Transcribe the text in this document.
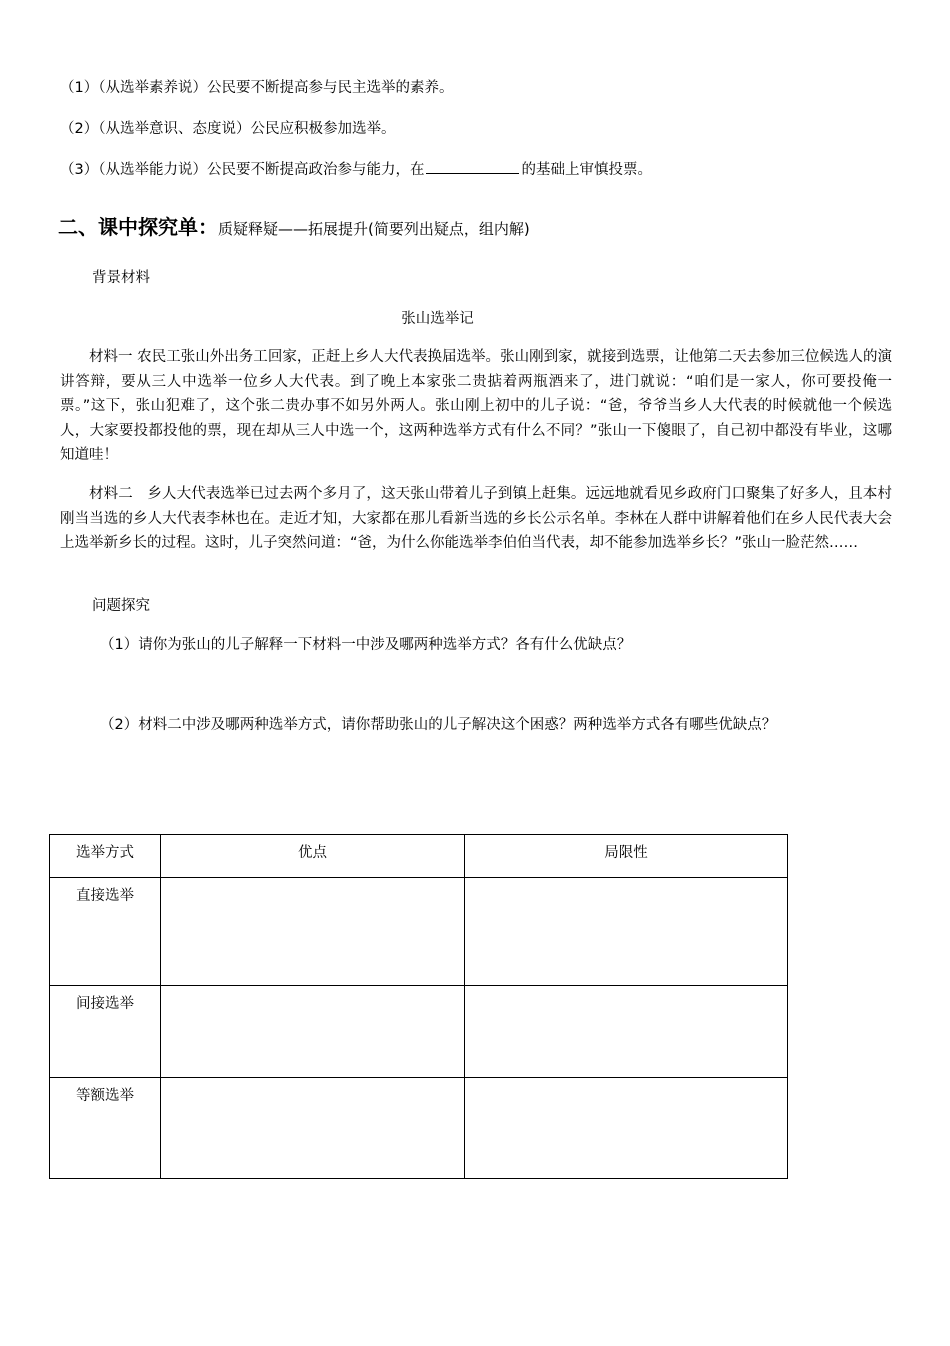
（1）（从选举素养说）公民要不断提高参与民主选举的素养。
（2）（从选举意识、态度说）公民应积极参加选举。
（3）（从选举能力说）公民要不断提高政治参与能力，在	的基础上审慎投票。
二、课中探究单：质疑释疑——拓展提升(简要列出疑点，组内解)
背景材料
张山选举记
材料一 农民工张山外出务工回家，正赶上乡人大代表换届选举。张山刚到家，就接到选票，让他第二天去参加三位候选人的演讲答辩，要从三人中选举一位乡人大代表。到了晚上本家张二贵掂着两瓶酒来了，进门就说：“咱们是一家人，你可要投俺一票。”这下，张山犯难了，这个张二贵办事不如另外两人。张山刚上初中的儿子说：“爸，爷爷当乡人大代表的时候就他一个候选人，大家要投都投他的票，现在却从三人中选一个，这两种选举方式有什么不同？”张山一下傻眼了，自己初中都没有毕业，这哪知道哇！
材料二　乡人大代表选举已过去两个多月了，这天张山带着儿子到镇上赶集。远远地就看见乡政府门口聚集了好多人，且本村刚当当选的乡人大代表李林也在。走近才知，大家都在那儿看新当选的乡长公示名单。李林在人群中讲解着他们在乡人民代表大会上选举新乡长的过程。这时，儿子突然问道：“爸，为什么你能选举李伯伯当代表，却不能参加选举乡长？”张山一脸茫然……
问题探究
（1）请你为张山的儿子解释一下材料一中涉及哪两种选举方式？各有什么优缺点？
（2）材料二中涉及哪两种选举方式，请你帮助张山的儿子解决这个困惑？两种选举方式各有哪些优缺点？
选举方式	优点	局限性
直接选举		
间接选举		
等额选举		
